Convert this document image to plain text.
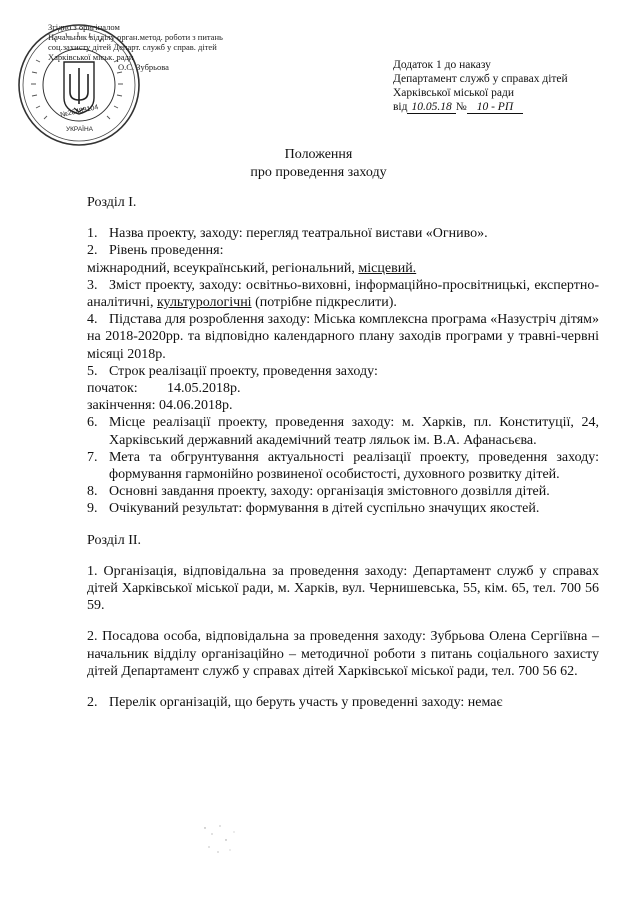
№26489104
УКРАЇНА
Згідно з оригіналом
Начальник відділу орган.метод. роботи з питань
соц.захисту дітей Департ. служб у справ. дітей
Харківської міськ. ради
О.С. Зубрьова	Додаток 1 до наказу
Департамент служб у справах дітей
Харківської міської ради
від 10.05.18 № 10 - РП
Положення
про проведення заходу

Розділ І.

1. Назва проекту, заходу: перегляд театральної вистави «Огниво».

2. Рівень проведення:

міжнародний, всеукраїнський, регіональний, місцевий.

3. Зміст проекту, заходу: освітньо-виховні, інформаційно-просвітницькі, експертно-аналітичні, культурологічні (потрібне підкреслити).

4. Підстава для розроблення заходу: Міська комплексна програма «Назустріч дітям» на 2018-2020рр. та відповідно календарного плану заходів програми у травні-червні місяці 2018р.

5. Строк реалізації проекту, проведення заходу:

початок: 14.05.2018р.

закінчення: 04.06.2018р.

6. Місце реалізації проекту, проведення заходу: м. Харків, пл. Конституції, 24, Харківський державний академічний театр ляльок ім. В.А. Афанасьєва.

7. Мета та обгрунтування актуальності реалізації проекту, проведення заходу: формування гармонійно розвиненої особистості, духовного розвитку дітей.

8. Основні завдання проекту, заходу: організація змістовного дозвілля дітей.

9. Очікуваний результат: формування в дітей суспільно значущих якостей.

Розділ ІІ.

1. Організація, відповідальна за проведення заходу: Департамент служб у справах дітей Харківської міської ради, м. Харків, вул. Чернишевська, 55, кім. 65, тел. 700 56 59.

2. Посадова особа, відповідальна за проведення заходу: Зубрьова Олена Сергіївна – начальник відділу організаційно – методичної роботи з питань соціального захисту дітей Департамент служб у справах дітей Харківської міської ради, тел. 700 56 62.

2. Перелік організацій, що беруть участь у проведенні заходу: немає
